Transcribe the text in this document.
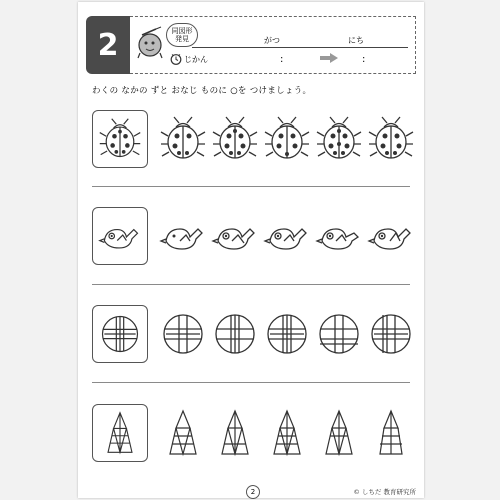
2	同図形
発見
じかん
がつ	にち
:	:
わくの なかの ずと おなじ ものに ○を つけましょう。
2	© しちだ 教育研究所
